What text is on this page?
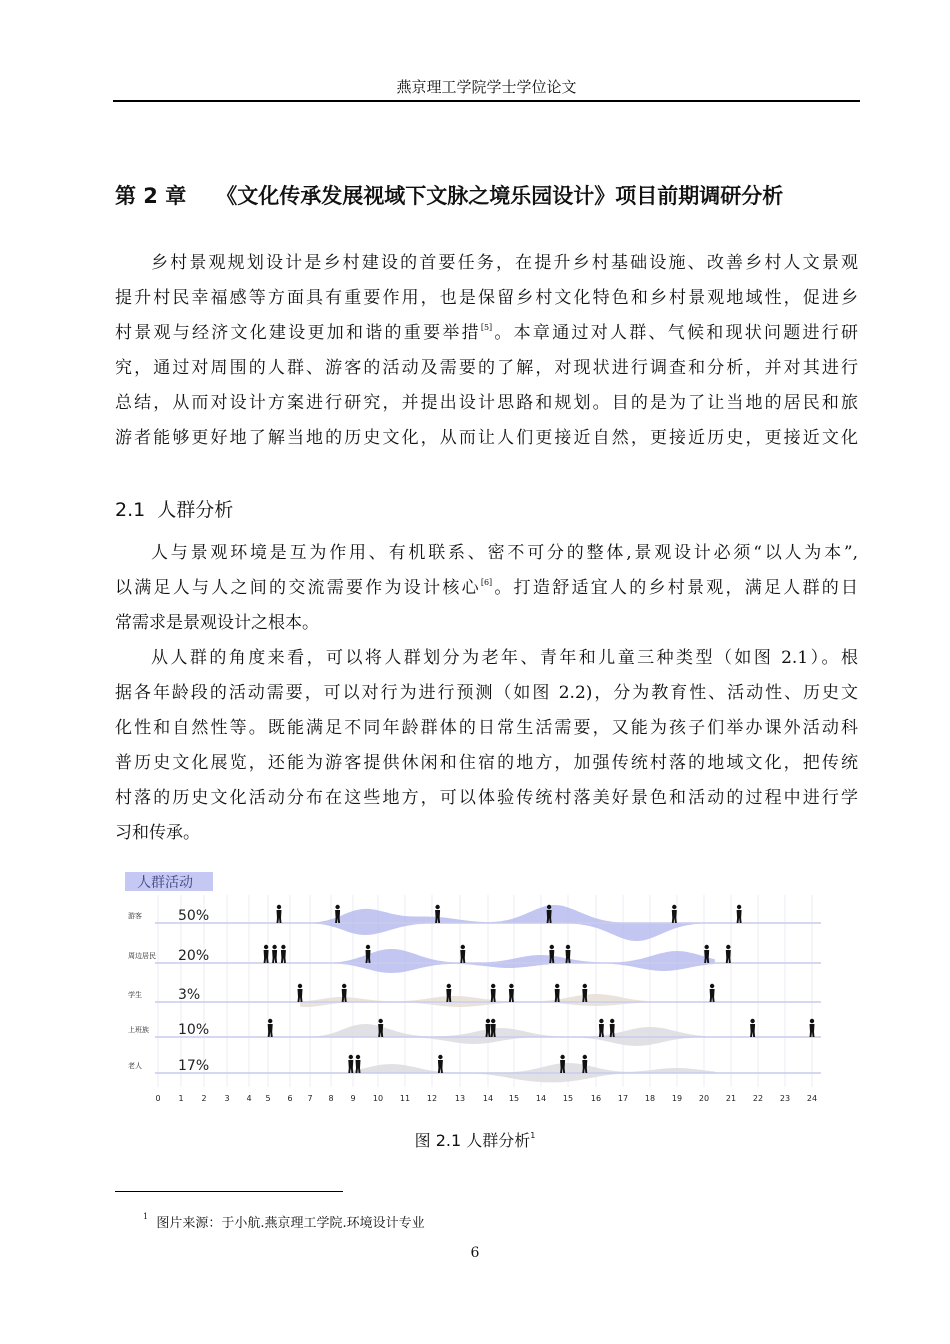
燕京理工学院学士学位论文
第 2 章 《文化传承发展视域下文脉之境乐园设计》项目前期调研分析
乡村景观规划设计是乡村建设的首要任务，在提升乡村基础设施、改善乡村人文景观
提升村民幸福感等方面具有重要作用，也是保留乡村文化特色和乡村景观地域性，促进乡
村景观与经济文化建设更加和谐的重要举措[5]。本章通过对人群、气候和现状问题进行研
究，通过对周围的人群、游客的活动及需要的了解，对现状进行调查和分析，并对其进行
总结，从而对设计方案进行研究，并提出设计思路和规划。目的是为了让当地的居民和旅
游者能够更好地了解当地的历史文化，从而让人们更接近自然，更接近历史，更接近文化
2.1 人群分析
人与景观环境是互为作用、有机联系、密不可分的整体,景观设计必须“以人为本”,
以满足人与人之间的交流需要作为设计核心[6]。打造舒适宜人的乡村景观，满足人群的日
常需求是景观设计之根本。
从人群的角度来看，可以将人群划分为老年、青年和儿童三种类型（如图 2.1）。根
据各年龄段的活动需要，可以对行为进行预测（如图 2.2)，分为教育性、活动性、历史文
化性和自然性等。既能满足不同年龄群体的日常生活需要，又能为孩子们举办课外活动科
普历史文化展览，还能为游客提供休闲和住宿的地方，加强传统村落的地域文化，把传统
村落的历史文化活动分布在这些地方，可以体验传统村落美好景色和活动的过程中进行学
习和传承。
人群活动
游客	50%
周边居民 20%
学生	3%
上班族 10%
老人	17%
0 1 2 3 4 5 6 7 8 9 10 11 12 13 14 15 14 15 16 17 18 19 20 21 22 23 24
图 2.1 人群分析$^1$
$^1$ 图片来源：于小航.燕京理工学院.环境设计专业
6
